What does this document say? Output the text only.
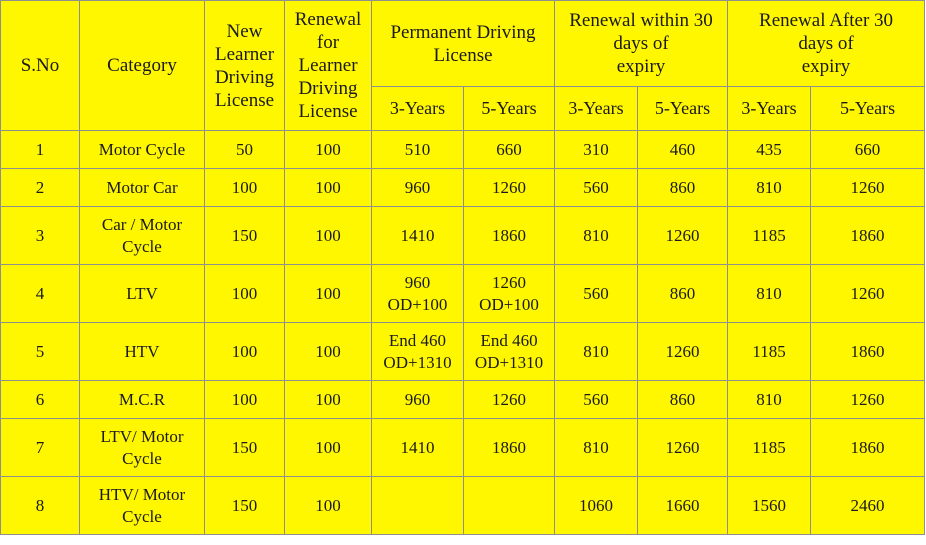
S.No	Category	New
Learner
Driving
License	Renewal
for
Learner
Driving
License	Permanent Driving
License		Renewal within 30
days of
expiry		Renewal After 30
days of
expiry	

				3-Years	5-Years	3-Years	5-Years	3-Years	5-Years
1	Motor Cycle	50	100	510	660	310	460	435	660
2	Motor Car	100	100	960	1260	560	860	810	1260
3	Car / Motor
Cycle	150	100	1410	1860	810	1260	1185	1860
4	LTV	100	100	960
OD+100	1260
OD+100	560	860	810	1260
5	HTV	100	100	End 460
OD+1310	End 460
OD+1310	810	1260	1185	1860
6	M.C.R	100	100	960	1260	560	860	810	1260
7	LTV/ Motor
Cycle	150	100	1410	1860	810	1260	1185	1860
8	HTV/ Motor
Cycle	150	100			1060	1660	1560	2460
